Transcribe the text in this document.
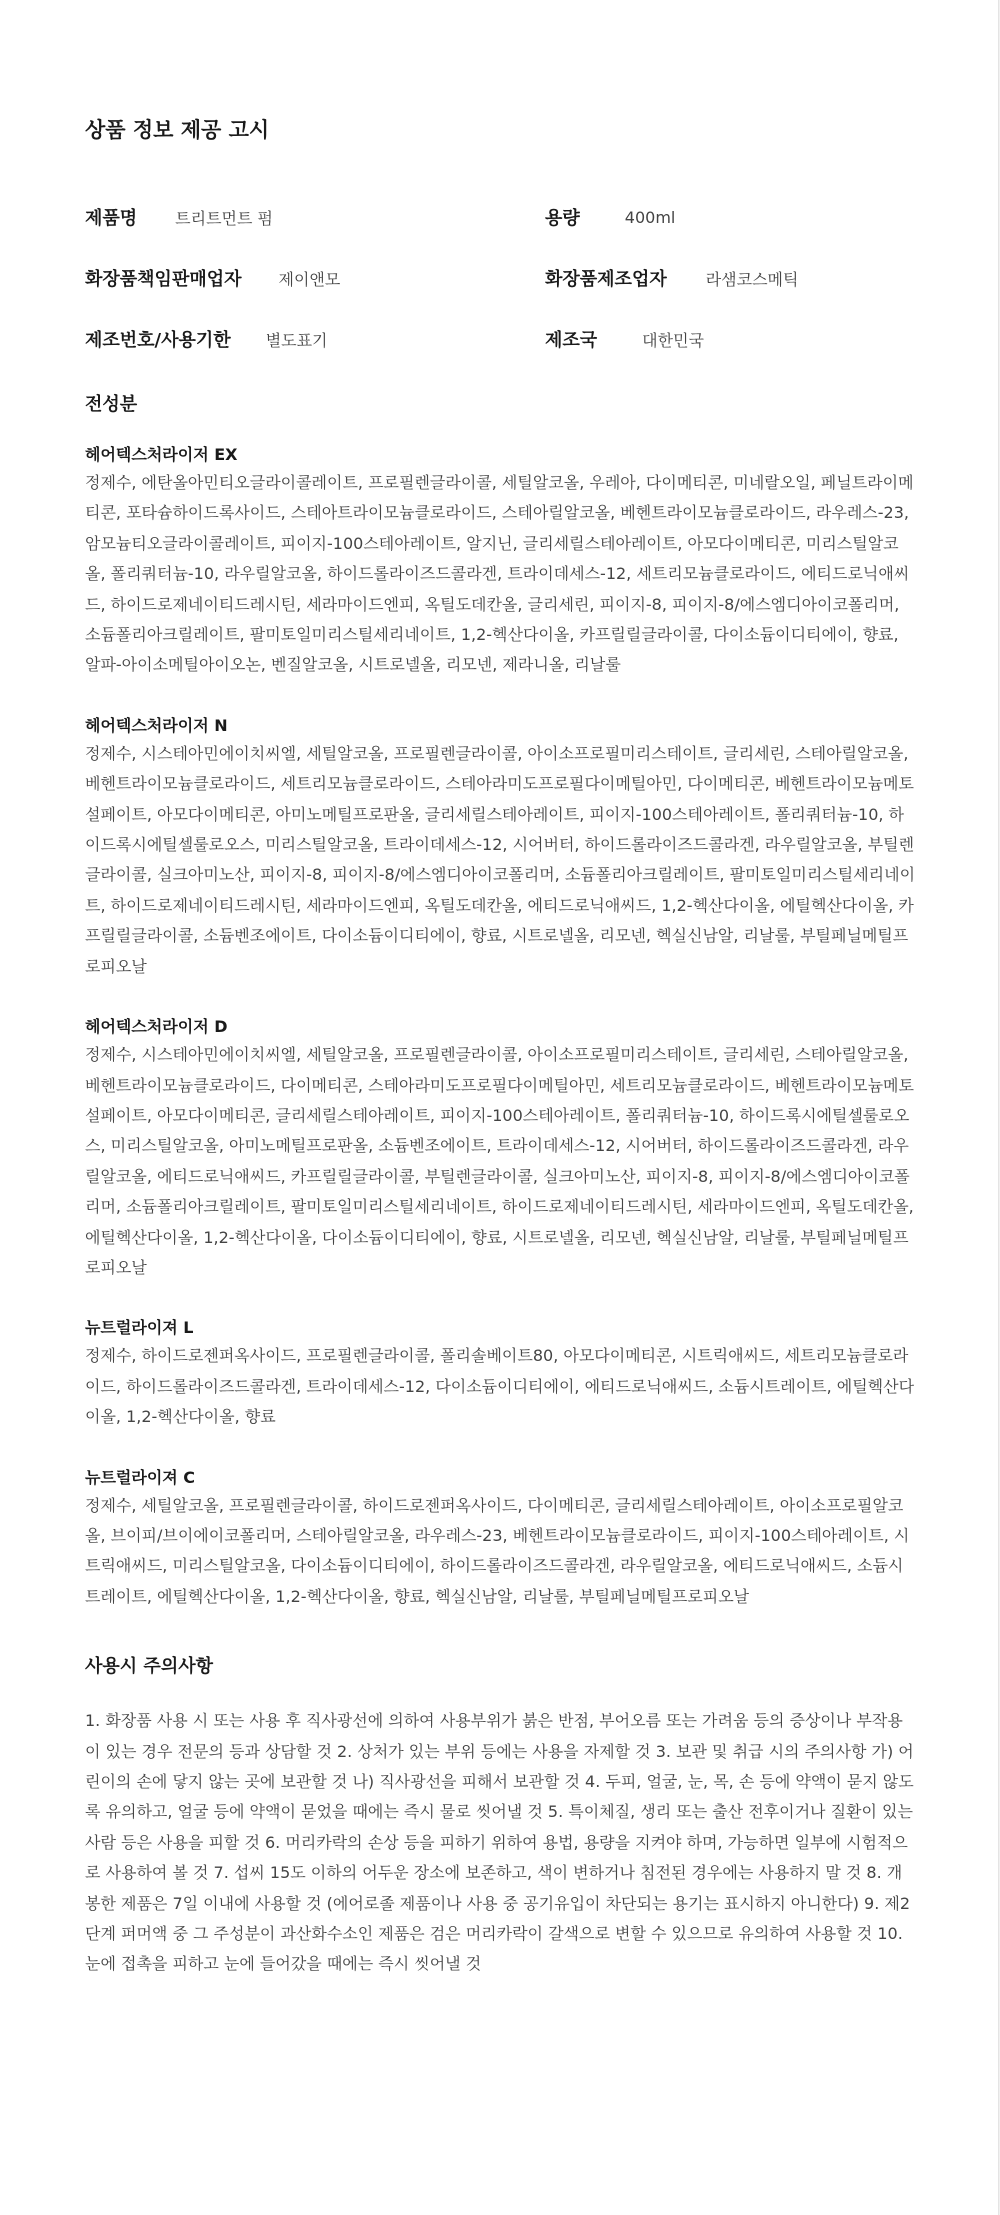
상품 정보 제공 고시
제품명 트리트먼트 펌	용량	400ml
화장품책임판매업자 제이앤모	화장품제조업자 라샘코스메틱
제조번호/사용기한 별도표기	제조국	대한민국
전성분
헤어텍스처라이저 EX

정제수, 에탄올아민티오글라이콜레이트, 프로필렌글라이콜, 세틸알코올, 우레아, 다이메티콘, 미네랄오일, 페닐트라이메티콘, 포타슘하이드록사이드, 스테아트라이모늄클로라이드, 스테아릴알코올, 베헨트라이모늄클로라이드, 라우레스-23, 암모늄티오글라이콜레이트, 피이지-100스테아레이트, 알지닌, 글리세릴스테아레이트, 아모다이메티콘, 미리스틸알코올, 폴리쿼터늄-10, 라우릴알코올, 하이드롤라이즈드콜라겐, 트라이데세스-12, 세트리모늄클로라이드, 에티드로닉애씨드, 하이드로제네이티드레시틴, 세라마이드엔피, 옥틸도데칸올, 글리세린, 피이지-8, 피이지-8/에스엠디아이코폴리머, 소듐폴리아크릴레이트, 팔미토일미리스틸세리네이트, 1,2-헥산다이올, 카프릴릴글라이콜, 다이소듐이디티에이, 향료, 알파-아이소메틸아이오논, 벤질알코올, 시트로넬올, 리모넨, 제라니올, 리날룰

헤어텍스처라이저 N

정제수, 시스테아민에이치씨엘, 세틸알코올, 프로필렌글라이콜, 아이소프로필미리스테이트, 글리세린, 스테아릴알코올, 베헨트라이모늄클로라이드, 세트리모늄클로라이드, 스테아라미도프로필다이메틸아민, 다이메티콘, 베헨트라이모늄메토설페이트, 아모다이메티콘, 아미노메틸프로판올, 글리세릴스테아레이트, 피이지-100스테아레이트, 폴리쿼터늄-10, 하이드록시에틸셀룰로오스, 미리스틸알코올, 트라이데세스-12, 시어버터, 하이드롤라이즈드콜라겐, 라우릴알코올, 부틸렌글라이콜, 실크아미노산, 피이지-8, 피이지-8/에스엠디아이코폴리머, 소듐폴리아크릴레이트, 팔미토일미리스틸세리네이트, 하이드로제네이티드레시틴, 세라마이드엔피, 옥틸도데칸올, 에티드로닉애씨드, 1,2-헥산다이올, 에틸헥산다이올, 카프릴릴글라이콜, 소듐벤조에이트, 다이소듐이디티에이, 향료, 시트로넬올, 리모넨, 헥실신남알, 리날룰, 부틸페닐메틸프로피오날

헤어텍스처라이저 D

정제수, 시스테아민에이치씨엘, 세틸알코올, 프로필렌글라이콜, 아이소프로필미리스테이트, 글리세린, 스테아릴알코올, 베헨트라이모늄클로라이드, 다이메티콘, 스테아라미도프로필다이메틸아민, 세트리모늄클로라이드, 베헨트라이모늄메토설페이트, 아모다이메티콘, 글리세릴스테아레이트, 피이지-100스테아레이트, 폴리쿼터늄-10, 하이드록시에틸셀룰로오스, 미리스틸알코올, 아미노메틸프로판올, 소듐벤조에이트, 트라이데세스-12, 시어버터, 하이드롤라이즈드콜라겐, 라우릴알코올, 에티드로닉애씨드, 카프릴릴글라이콜, 부틸렌글라이콜, 실크아미노산, 피이지-8, 피이지-8/에스엠디아이코폴리머, 소듐폴리아크릴레이트, 팔미토일미리스틸세리네이트, 하이드로제네이티드레시틴, 세라마이드엔피, 옥틸도데칸올, 에틸헥산다이올, 1,2-헥산다이올, 다이소듐이디티에이, 향료, 시트로넬올, 리모넨, 헥실신남알, 리날룰, 부틸페닐메틸프로피오날

뉴트럴라이져 L

정제수, 하이드로젠퍼옥사이드, 프로필렌글라이콜, 폴리솔베이트80, 아모다이메티콘, 시트릭애씨드, 세트리모늄클로라이드, 하이드롤라이즈드콜라겐, 트라이데세스-12, 다이소듐이디티에이, 에티드로닉애씨드, 소듐시트레이트, 에틸헥산다이올, 1,2-헥산다이올, 향료

뉴트럴라이져 C

정제수, 세틸알코올, 프로필렌글라이콜, 하이드로젠퍼옥사이드, 다이메티콘, 글리세릴스테아레이트, 아이소프로필알코올, 브이피/브이에이코폴리머, 스테아릴알코올, 라우레스-23, 베헨트라이모늄클로라이드, 피이지-100스테아레이트, 시트릭애씨드, 미리스틸알코올, 다이소듐이디티에이, 하이드롤라이즈드콜라겐, 라우릴알코올, 에티드로닉애씨드, 소듐시트레이트, 에틸헥산다이올, 1,2-헥산다이올, 향료, 헥실신남알, 리날룰, 부틸페닐메틸프로피오날

사용시 주의사항
1. 화장품 사용 시 또는 사용 후 직사광선에 의하여 사용부위가 붉은 반점, 부어오름 또는 가려움 등의 증상이나 부작용이 있는 경우 전문의 등과 상담할 것 2. 상처가 있는 부위 등에는 사용을 자제할 것 3. 보관 및 취급 시의 주의사항 가) 어린이의 손에 닿지 않는 곳에 보관할 것 나) 직사광선을 피해서 보관할 것 4. 두피, 얼굴, 눈, 목, 손 등에 약액이 묻지 않도록 유의하고, 얼굴 등에 약액이 묻었을 때에는 즉시 물로 씻어낼 것 5. 특이체질, 생리 또는 출산 전후이거나 질환이 있는 사람 등은 사용을 피할 것 6. 머리카락의 손상 등을 피하기 위하여 용법, 용량을 지켜야 하며, 가능하면 일부에 시험적으로 사용하여 볼 것 7. 섭씨 15도 이하의 어두운 장소에 보존하고, 색이 변하거나 침전된 경우에는 사용하지 말 것 8. 개봉한 제품은 7일 이내에 사용할 것 (에어로졸 제품이나 사용 중 공기유입이 차단되는 용기는 표시하지 아니한다) 9. 제2단계 퍼머액 중 그 주성분이 과산화수소인 제품은 검은 머리카락이 갈색으로 변할 수 있으므로 유의하여 사용할 것 10. 눈에 접촉을 피하고 눈에 들어갔을 때에는 즉시 씻어낼 것
